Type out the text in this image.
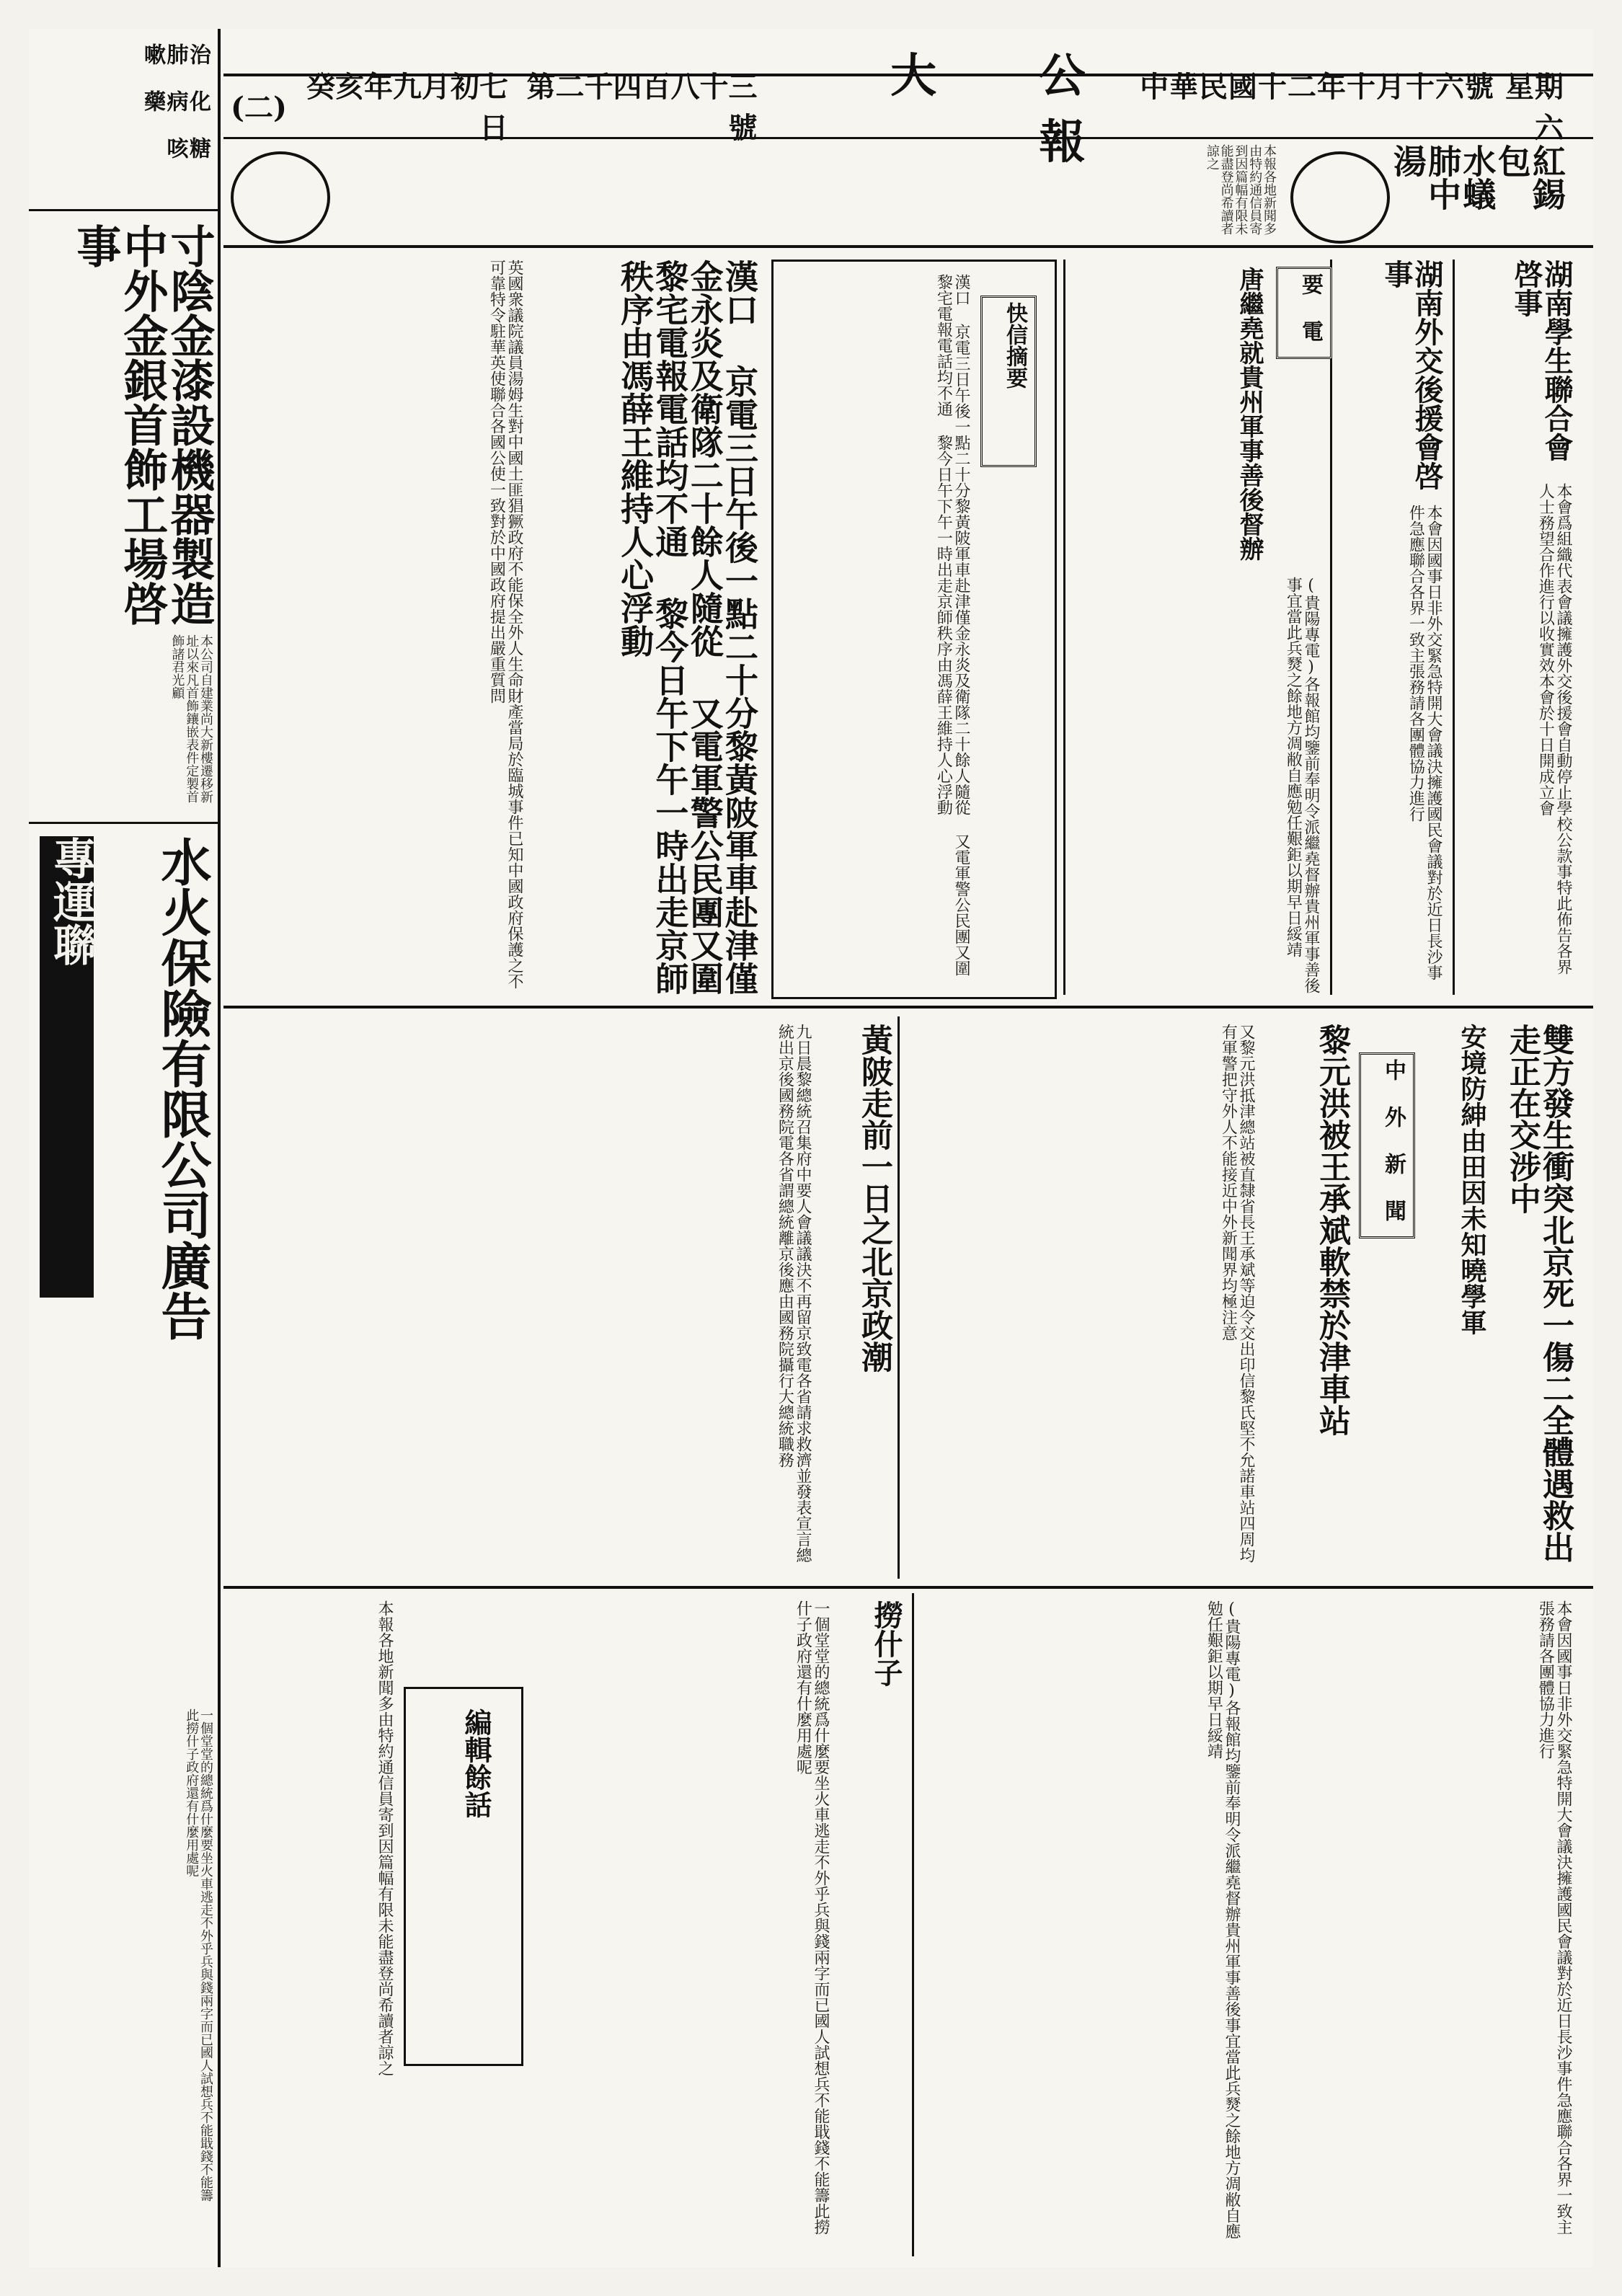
中華民國十二年十月十六號 星期六
大 公 報
第二千四百八十三號
癸亥年九月初七日
(二)
紅錫包 水蟻 肺中湯
本報各地新聞多由特約通信員寄到因篇幅有限未能盡登尚希讀者諒之
治 化 糖 肺 病 咳 嗽 藥
寸陰金漆設機器製造中外金銀首飾工場啓事
本公司自建業尚大新樓遷移新址以來凡首飾鑲嵌表件定製首飾諸君光顧
專運聯	水火保險有限公司廣告
一個堂堂的總統爲什麼要坐火車逃走不外乎兵與錢兩字而已國人試想兵不能戢錢不能籌此撈什子政府還有什麼用處呢
湖南學生聯合會啓事
本會爲組織代表會議擁護外交後援會自動停止學校公款事特此佈告各界人士務望合作進行以收實效本會於十日開成立會
湖南外交後援會啓事
本會因國事日非外交緊急特開大會議決擁護國民會議對於近日長沙事件急應聯合各界一致主張務請各團體協力進行
要 電
唐繼堯就貴州軍事善後督辦
(貴陽專電)各報館均鑒前奉明令派繼堯督辦貴州軍事善後事宜當此兵燹之餘地方凋敝自應勉任艱鉅以期早日綏靖
快信摘要
漢口 京電三日午後一點二十分黎黃陂軍車赴津僅金永炎及衛隊二十餘人隨從 又電軍警公民團又圍黎宅電報電話均不通 黎今日午下午一時出走京師秩序由馮薛王維持人心浮動
漢口 京電三日午後一點二十分黎黃陂軍車赴津僅金永炎及衛隊二十餘人隨從 又電軍警公民團又圍黎宅電報電話均不通 黎今日午下午一時出走京師秩序由馮薛王維持人心浮動
英國衆議院議員湯姆生對中國土匪猖獗政府不能保全外人生命財產當局於臨城事件已知中國政府保護之不可靠特令駐華英使聯合各國公使一致對於中國政府提出嚴重質問
雙方發生衝突北京死一傷二全體遇救出走正在交涉中
安境防紳由田因未知曉學軍
中 外 新 聞
黎元洪被王承斌軟禁於津車站
又黎元洪抵津總站被直隸省長王承斌等迫令交出印信黎氏堅不允諾車站四周均有軍警把守外人不能接近中外新聞界均極注意
黃陂走前一日之北京政潮
九日晨黎總統召集府中要人會議議決不再留京致電各省請求救濟並發表宣言總統出京後國務院電各省謂總統離京後應由國務院攝行大總統職務
本會因國事日非外交緊急特開大會議決擁護國民會議對於近日長沙事件急應聯合各界一致主張務請各團體協力進行
(貴陽專電)各報館均鑒前奉明令派繼堯督辦貴州軍事善後事宜當此兵燹之餘地方凋敝自應勉任艱鉅以期早日綏靖
撈什子
一個堂堂的總統爲什麼要坐火車逃走不外乎兵與錢兩字而已國人試想兵不能戢錢不能籌此撈什子政府還有什麼用處呢
編輯餘話
本報各地新聞多由特約通信員寄到因篇幅有限未能盡登尚希讀者諒之
